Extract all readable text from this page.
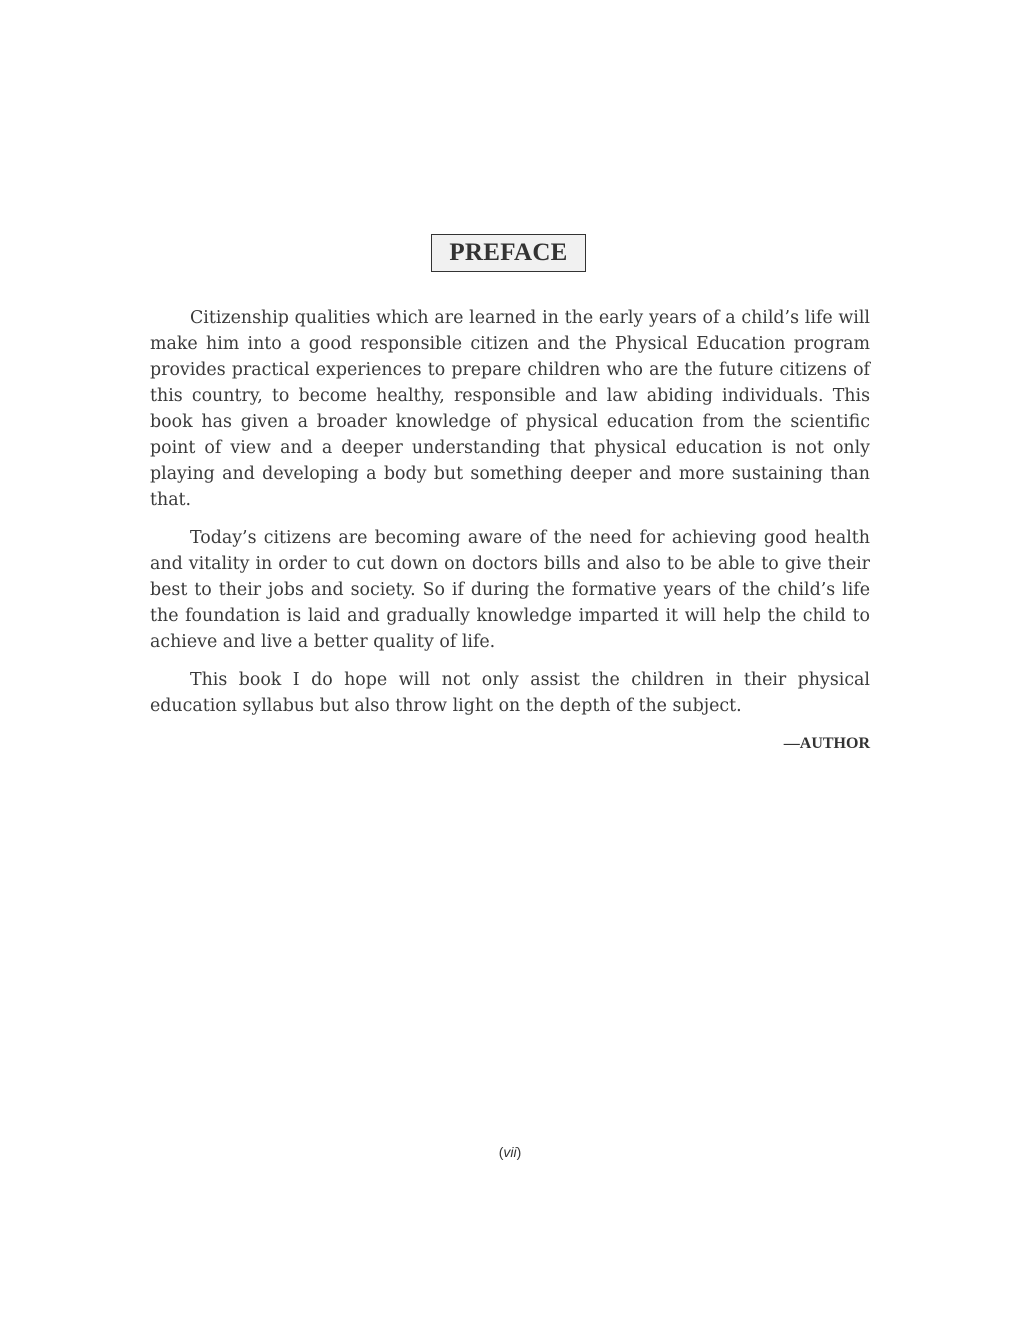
PREFACE

Citizenship qualities which are learned in the early years of a child’s life will make him into a good responsible citizen and the Physical Education program provides practical experiences to prepare children who are the future citizens of this country, to become healthy, responsible and law abiding individuals. This book has given a broader knowledge of physical education from the scientific point of view and a deeper understanding that physical education is not only playing and developing a body but something deeper and more sustaining than that.

Today’s citizens are becoming aware of the need for achieving good health and vitality in order to cut down on doctors bills and also to be able to give their best to their jobs and society. So if during the formative years of the child’s life the foundation is laid and gradually knowledge imparted it will help the child to achieve and live a better quality of life.

This book I do hope will not only assist the children in their physical education syllabus but also throw light on the depth of the subject.

—AUTHOR
(vii)
